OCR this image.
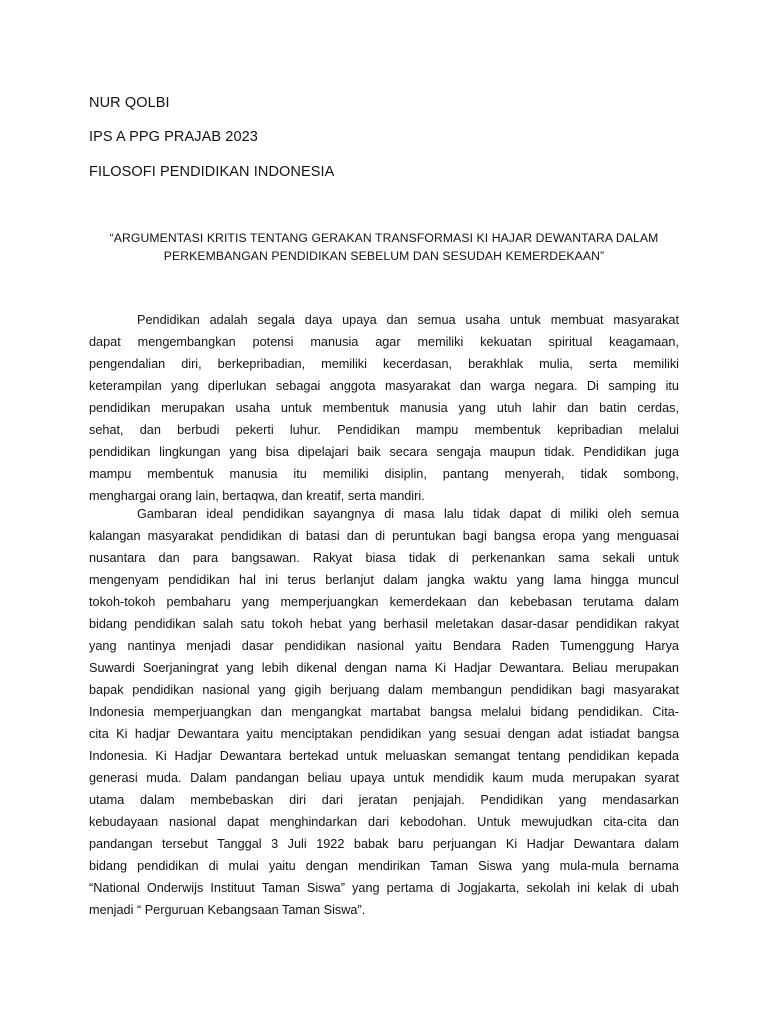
NUR QOLBI
IPS A PPG PRAJAB 2023
FILOSOFI PENDIDIKAN INDONESIA
“ARGUMENTASI KRITIS TENTANG GERAKAN TRANSFORMASI KI HAJAR DEWANTARA DALAM
PERKEMBANGAN PENDIDIKAN SEBELUM DAN SESUDAH KEMERDEKAAN”
Pendidikan adalah segala daya upaya dan semua usaha untuk membuat masyarakat
dapat mengembangkan potensi manusia agar memiliki kekuatan spiritual keagamaan,
pengendalian diri, berkepribadian, memiliki kecerdasan, berakhlak mulia, serta memiliki
keterampilan yang diperlukan sebagai anggota masyarakat dan warga negara. Di samping itu
pendidikan merupakan usaha untuk membentuk manusia yang utuh lahir dan batin cerdas,
sehat, dan berbudi pekerti luhur. Pendidikan mampu membentuk kepribadian melalui
pendidikan lingkungan yang bisa dipelajari baik secara sengaja maupun tidak. Pendidikan juga
mampu membentuk manusia itu memiliki disiplin, pantang menyerah, tidak sombong,
menghargai orang lain, bertaqwa, dan kreatif, serta mandiri.
Gambaran ideal pendidikan sayangnya di masa lalu tidak dapat di miliki oleh semua
kalangan masyarakat pendidikan di batasi dan di peruntukan bagi bangsa eropa yang menguasai
nusantara dan para bangsawan. Rakyat biasa tidak di perkenankan sama sekali untuk
mengenyam pendidikan hal ini terus berlanjut dalam jangka waktu yang lama hingga muncul
tokoh-tokoh pembaharu yang memperjuangkan kemerdekaan dan kebebasan terutama dalam
bidang pendidikan salah satu tokoh hebat yang berhasil meletakan dasar-dasar pendidikan rakyat
yang nantinya menjadi dasar pendidikan nasional yaitu Bendara Raden Tumenggung Harya
Suwardi Soerjaningrat yang lebih dikenal dengan nama Ki Hadjar Dewantara. Beliau merupakan
bapak pendidikan nasional yang gigih berjuang dalam membangun pendidikan bagi masyarakat
Indonesia memperjuangkan dan mengangkat martabat bangsa melalui bidang pendidikan. Cita-
cita Ki hadjar Dewantara yaitu menciptakan pendidikan yang sesuai dengan adat istiadat bangsa
Indonesia. Ki Hadjar Dewantara bertekad untuk meluaskan semangat tentang pendidikan kepada
generasi muda. Dalam pandangan beliau upaya untuk mendidik kaum muda merupakan syarat
utama dalam membebaskan diri dari jeratan penjajah. Pendidikan yang mendasarkan
kebudayaan nasional dapat menghindarkan dari kebodohan. Untuk mewujudkan cita-cita dan
pandangan tersebut Tanggal 3 Juli 1922 babak baru perjuangan Ki Hadjar Dewantara dalam
bidang pendidikan di mulai yaitu dengan mendirikan Taman Siswa yang mula-mula bernama
“National Onderwijs Instituut Taman Siswa” yang pertama di Jogjakarta, sekolah ini kelak di ubah
menjadi “ Perguruan Kebangsaan Taman Siswa”.
